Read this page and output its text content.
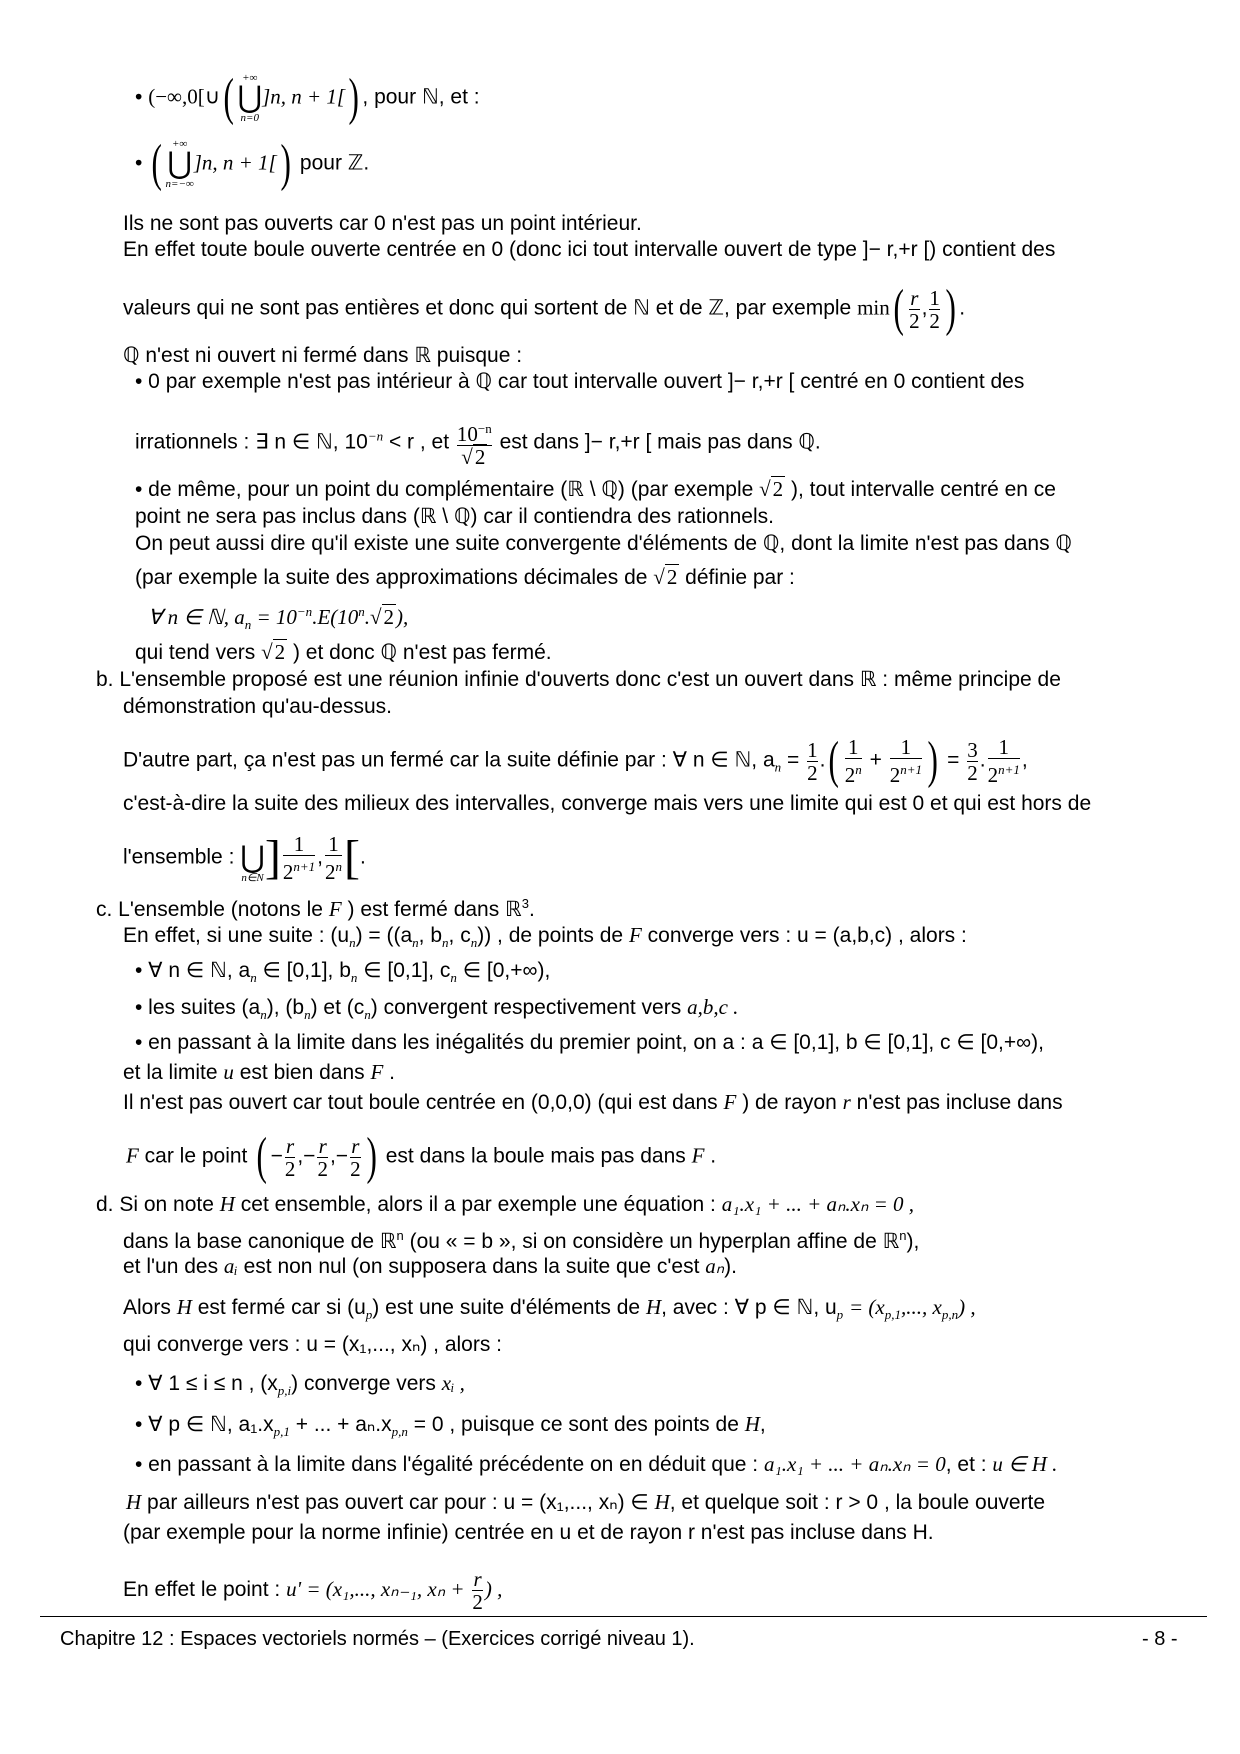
• (−∞,0[∪( +∞
⋃
n=0
]n, n + 1[) , pour ℕ, et :
• ( +∞
⋃
n=−∞
]n, n + 1[) pour ℤ.
Ils ne sont pas ouverts car 0 n'est pas un point intérieur.
En effet toute boule ouverte centrée en 0 (donc ici tout intervalle ouvert de type ]− r,+r [) contient des
valeurs qui ne sont pas entières et donc qui sortent de ℕ et de ℤ, par exemple $\min( \frac{r}{2}$ , $\frac{1}{2}$ ) .
ℚ n'est ni ouvert ni fermé dans ℝ puisque :
• 0 par exemple n'est pas intérieur à ℚ car tout intervalle ouvert ]− r,+r [ centré en 0 contient des
irrationnels : ∃ n ∈ ℕ, $10^{-n} < r$ , et $\frac{10^{-n}}{√2}$ est dans ]− r,+r [ mais pas dans ℚ.
• de même, pour un point du complémentaire (ℝ \ ℚ) (par exemple √2 ), tout intervalle centré en ce
point ne sera pas inclus dans (ℝ \ ℚ) car il contiendra des rationnels.
On peut aussi dire qu'il existe une suite convergente d'éléments de ℚ, dont la limite n'est pas dans ℚ
(par exemple la suite des approximations décimales de √2 définie par :
∀ n ∈ ℕ, $a_n = 10^{-n}.E(10^n.√2)$,
qui tend vers √2 ) et donc ℚ n'est pas fermé.
b. L'ensemble proposé est une réunion infinie d'ouverts donc c'est un ouvert dans ℝ : même principe de
démonstration qu'au-dessus.
D'autre part, ça n'est pas un fermé car la suite définie par : ∀ n ∈ ℕ, $a_n = \frac{1}{2}$ .( $\frac{1}{2^n} + \frac{1}{2^{n+1}}$ ) = $\frac{3}{2}$ . $\frac{1}{2^{n+1}}$ ,
c'est-à-dire la suite des milieux des intervalles, converge mais vers une limite qui est 0 et qui est hors de
l'ensemble :
⋃
n∈N ] $\frac{1}{2^{n+1}}$ , $\frac{1}{2^n}$ [.
c. L'ensemble (notons le F ) est fermé dans ℝ$^3$.
En effet, si une suite : $(u_n) = ((a_n$, $b_n$, $c_n$)) , de points de F converge vers : u = (a,b,c) , alors :
• ∀ n ∈ ℕ, $a_n$ ∈ [0,1], $b_n$ ∈ [0,1], $c_n$ ∈ [0,+∞),
• les suites $(a_n)$, $(b_n)$ et $(c_n)$ convergent respectivement vers a,b,c .
• en passant à la limite dans les inégalités du premier point, on a : a ∈ [0,1], b ∈ [0,1], c ∈ [0,+∞),
et la limite u est bien dans F .
Il n'est pas ouvert car tout boule centrée en (0,0,0) (qui est dans F ) de rayon r n'est pas incluse dans
F car le point ( − $\frac{r}{2}$ ,− $\frac{r}{2}$ ,− $\frac{r}{2}$ ) est dans la boule mais pas dans F .
d. Si on note H cet ensemble, alors il a par exemple une équation : a₁.x₁ + ... + aₙ.xₙ = 0 ,
dans la base canonique de ℝ$^n$ (ou « = b », si on considère un hyperplan affine de ℝ$^n$),
et l'un des aᵢ est non nul (on supposera dans la suite que c'est aₙ).
Alors H est fermé car si $(u_p)$ est une suite d'éléments de H, avec : ∀ p ∈ ℕ, $u_p = (x_{p,1}$,..., $x_{p,n}$) ,
qui converge vers : u = (x₁,..., xₙ) , alors :
• ∀ 1 ≤ i ≤ n , $(x_{p,i})$ converge vers xᵢ ,
• ∀ p ∈ ℕ, $a_1.x_{p,1}$ + ... + $a_n.x_{p,n} = 0$ , puisque ce sont des points de H,
• en passant à la limite dans l'égalité précédente on en déduit que : a₁.x₁ + ... + aₙ.xₙ = 0, et : u ∈ H .
H par ailleurs n'est pas ouvert car pour : u = (x₁,..., xₙ) ∈ H, et quelque soit : r > 0 , la boule ouverte
(par exemple pour la norme infinie) centrée en u et de rayon r n'est pas incluse dans H.
En effet le point : u' = (x₁,..., xₙ₋₁, $x_n + \frac{r}{2}$ ) ,
Chapitre 12 : Espaces vectoriels normés – (Exercices corrigé niveau 1).	- 8 -
